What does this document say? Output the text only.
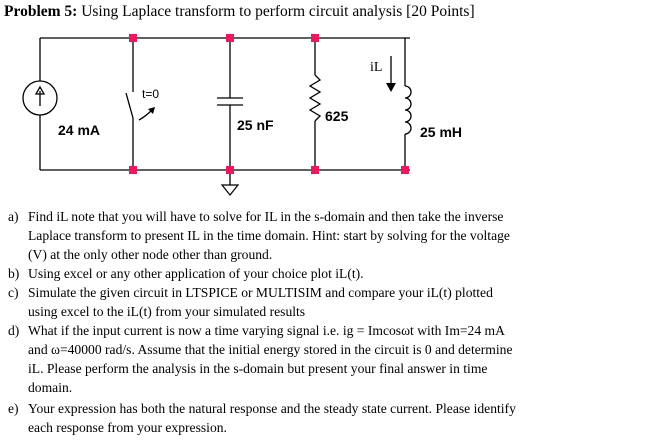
Problem 5: Using Laplace transform to perform circuit analysis [20 Points]
t=0
24 mA	25 nF
625
25 mH
iL
a) Find iL note that you will have to solve for IL in the s-domain and then take the inverse
Laplace transform to present IL in the time domain. Hint: start by solving for the voltage
(V) at the only other node other than ground.
b) Using excel or any other application of your choice plot iL(t).
c) Simulate the given circuit in LTSPICE or MULTISIM and compare your iL(t) plotted
using excel to the iL(t) from your simulated results
d) What if the input current is now a time varying signal i.e. ig = Imcosωt with Im=24 mA
and ω=40000 rad/s. Assume that the initial energy stored in the circuit is 0 and determine
iL. Please perform the analysis in the s-domain but present your final answer in time
domain.
e) Your expression has both the natural response and the steady state current. Please identify
each response from your expression.
